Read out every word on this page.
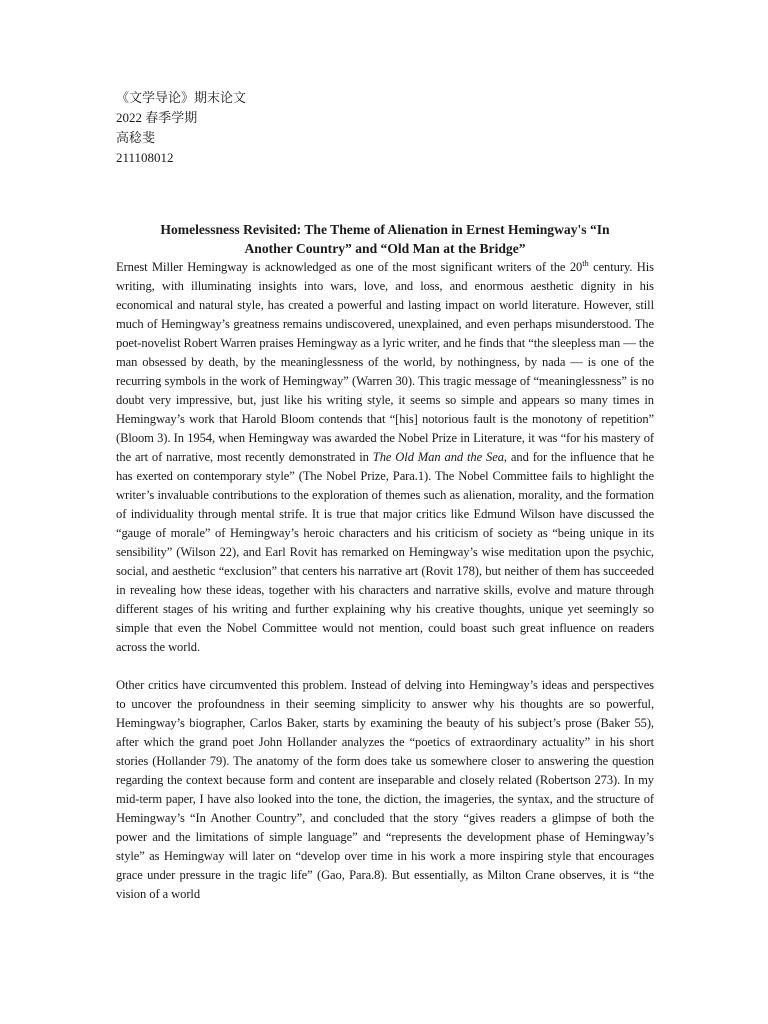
《文学导论》期末论文
2022 春季学期
高稔斐
211108012
Homelessness Revisited: The Theme of Alienation in Ernest Hemingway's “In
Another Country” and “Old Man at the Bridge”

Ernest Miller Hemingway is acknowledged as one of the most significant writers of the 20th century. His writing, with illuminating insights into wars, love, and loss, and enormous aesthetic dignity in his economical and natural style, has created a powerful and lasting impact on world literature. However, still much of Hemingway’s greatness remains undiscovered, unexplained, and even perhaps misunderstood. The poet-novelist Robert Warren praises Hemingway as a lyric writer, and he finds that “the sleepless man — the man obsessed by death, by the meaninglessness of the world, by nothingness, by nada — is one of the recurring symbols in the work of Hemingway” (Warren 30). This tragic message of “meaninglessness” is no doubt very impressive, but, just like his writing style, it seems so simple and appears so many times in Hemingway’s work that Harold Bloom contends that “[his] notorious fault is the monotony of repetition” (Bloom 3). In 1954, when Hemingway was awarded the Nobel Prize in Literature, it was “for his mastery of the art of narrative, most recently demonstrated in The Old Man and the Sea, and for the influence that he has exerted on contemporary style” (The Nobel Prize, Para.1). The Nobel Committee fails to highlight the writer’s invaluable contributions to the exploration of themes such as alienation, morality, and the formation of individuality through mental strife. It is true that major critics like Edmund Wilson have discussed the “gauge of morale” of Hemingway’s heroic characters and his criticism of society as “being unique in its sensibility” (Wilson 22), and Earl Rovit has remarked on Hemingway’s wise meditation upon the psychic, social, and aesthetic “exclusion” that centers his narrative art (Rovit 178), but neither of them has succeeded in revealing how these ideas, together with his characters and narrative skills, evolve and mature through different stages of his writing and further explaining why his creative thoughts, unique yet seemingly so simple that even the Nobel Committee would not mention, could boast such great influence on readers across the world.

Other critics have circumvented this problem. Instead of delving into Hemingway’s ideas and perspectives to uncover the profoundness in their seeming simplicity to answer why his thoughts are so powerful, Hemingway’s biographer, Carlos Baker, starts by examining the beauty of his subject’s prose (Baker 55), after which the grand poet John Hollander analyzes the “poetics of extraordinary actuality” in his short stories (Hollander 79). The anatomy of the form does take us somewhere closer to answering the question regarding the context because form and content are inseparable and closely related (Robertson 273). In my mid-term paper, I have also looked into the tone, the diction, the imageries, the syntax, and the structure of Hemingway’s “In Another Country”, and concluded that the story “gives readers a glimpse of both the power and the limitations of simple language” and “represents the development phase of Hemingway’s style” as Hemingway will later on “develop over time in his work a more inspiring style that encourages grace under pressure in the tragic life” (Gao, Para.8). But essentially, as Milton Crane observes, it is “the vision of a world
